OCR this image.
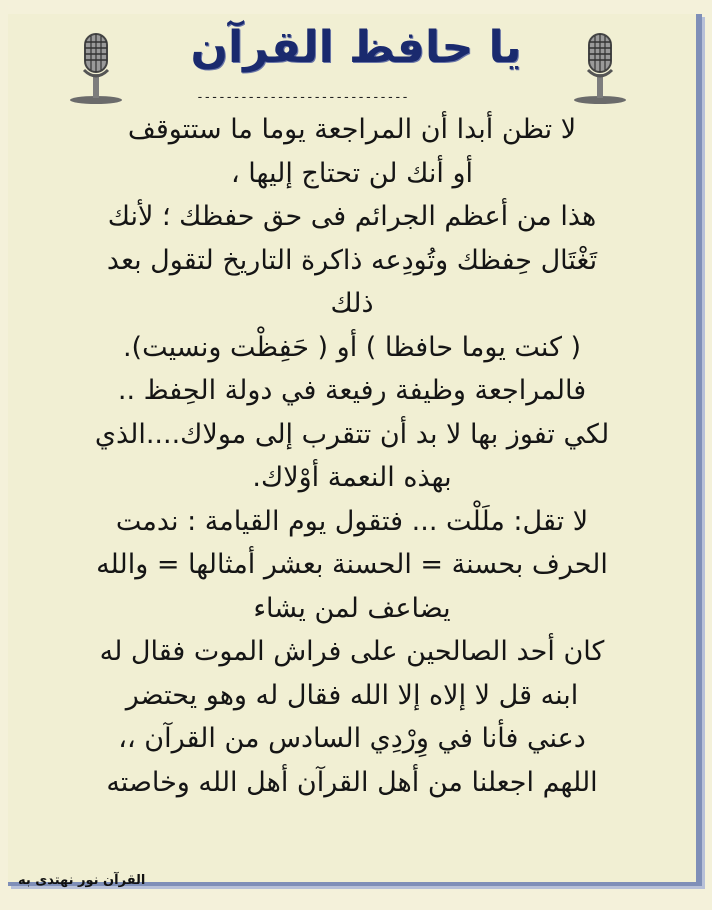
يا حافظ القرآن
-----------------------------
لا تظن أبدا أن المراجعة يوما ما ستتوقف
أو أنك لن تحتاج إليها ،
هذا من أعظم الجرائم فى حق حفظك ؛ لأنك
تَغْتَال حِفظك وتُودِعه ذاكرة التاريخ لتقول بعد
ذلك
( كنت يوما حافظا ) أو ( حَفِظْت ونسيت).
فالمراجعة وظيفة رفيعة في دولة الحِفظ ..
لكي تفوز بها لا بد أن تتقرب إلى مولاك....الذي
بهذه النعمة أوْلاك.
لا تقل: ملَلْت ... فتقول يوم القيامة : ندمت
الحرف بحسنة = الحسنة بعشر أمثالها = والله
يضاعف لمن يشاء
كان أحد الصالحين على فراش الموت فقال له
ابنه قل لا إلاه إلا الله فقال له وهو يحتضر
دعني فأنا في وِرْدِي السادس من القرآن ،،
اللهم اجعلنا من أهل القرآن أهل الله وخاصته
القرآن نور نهتدى به
